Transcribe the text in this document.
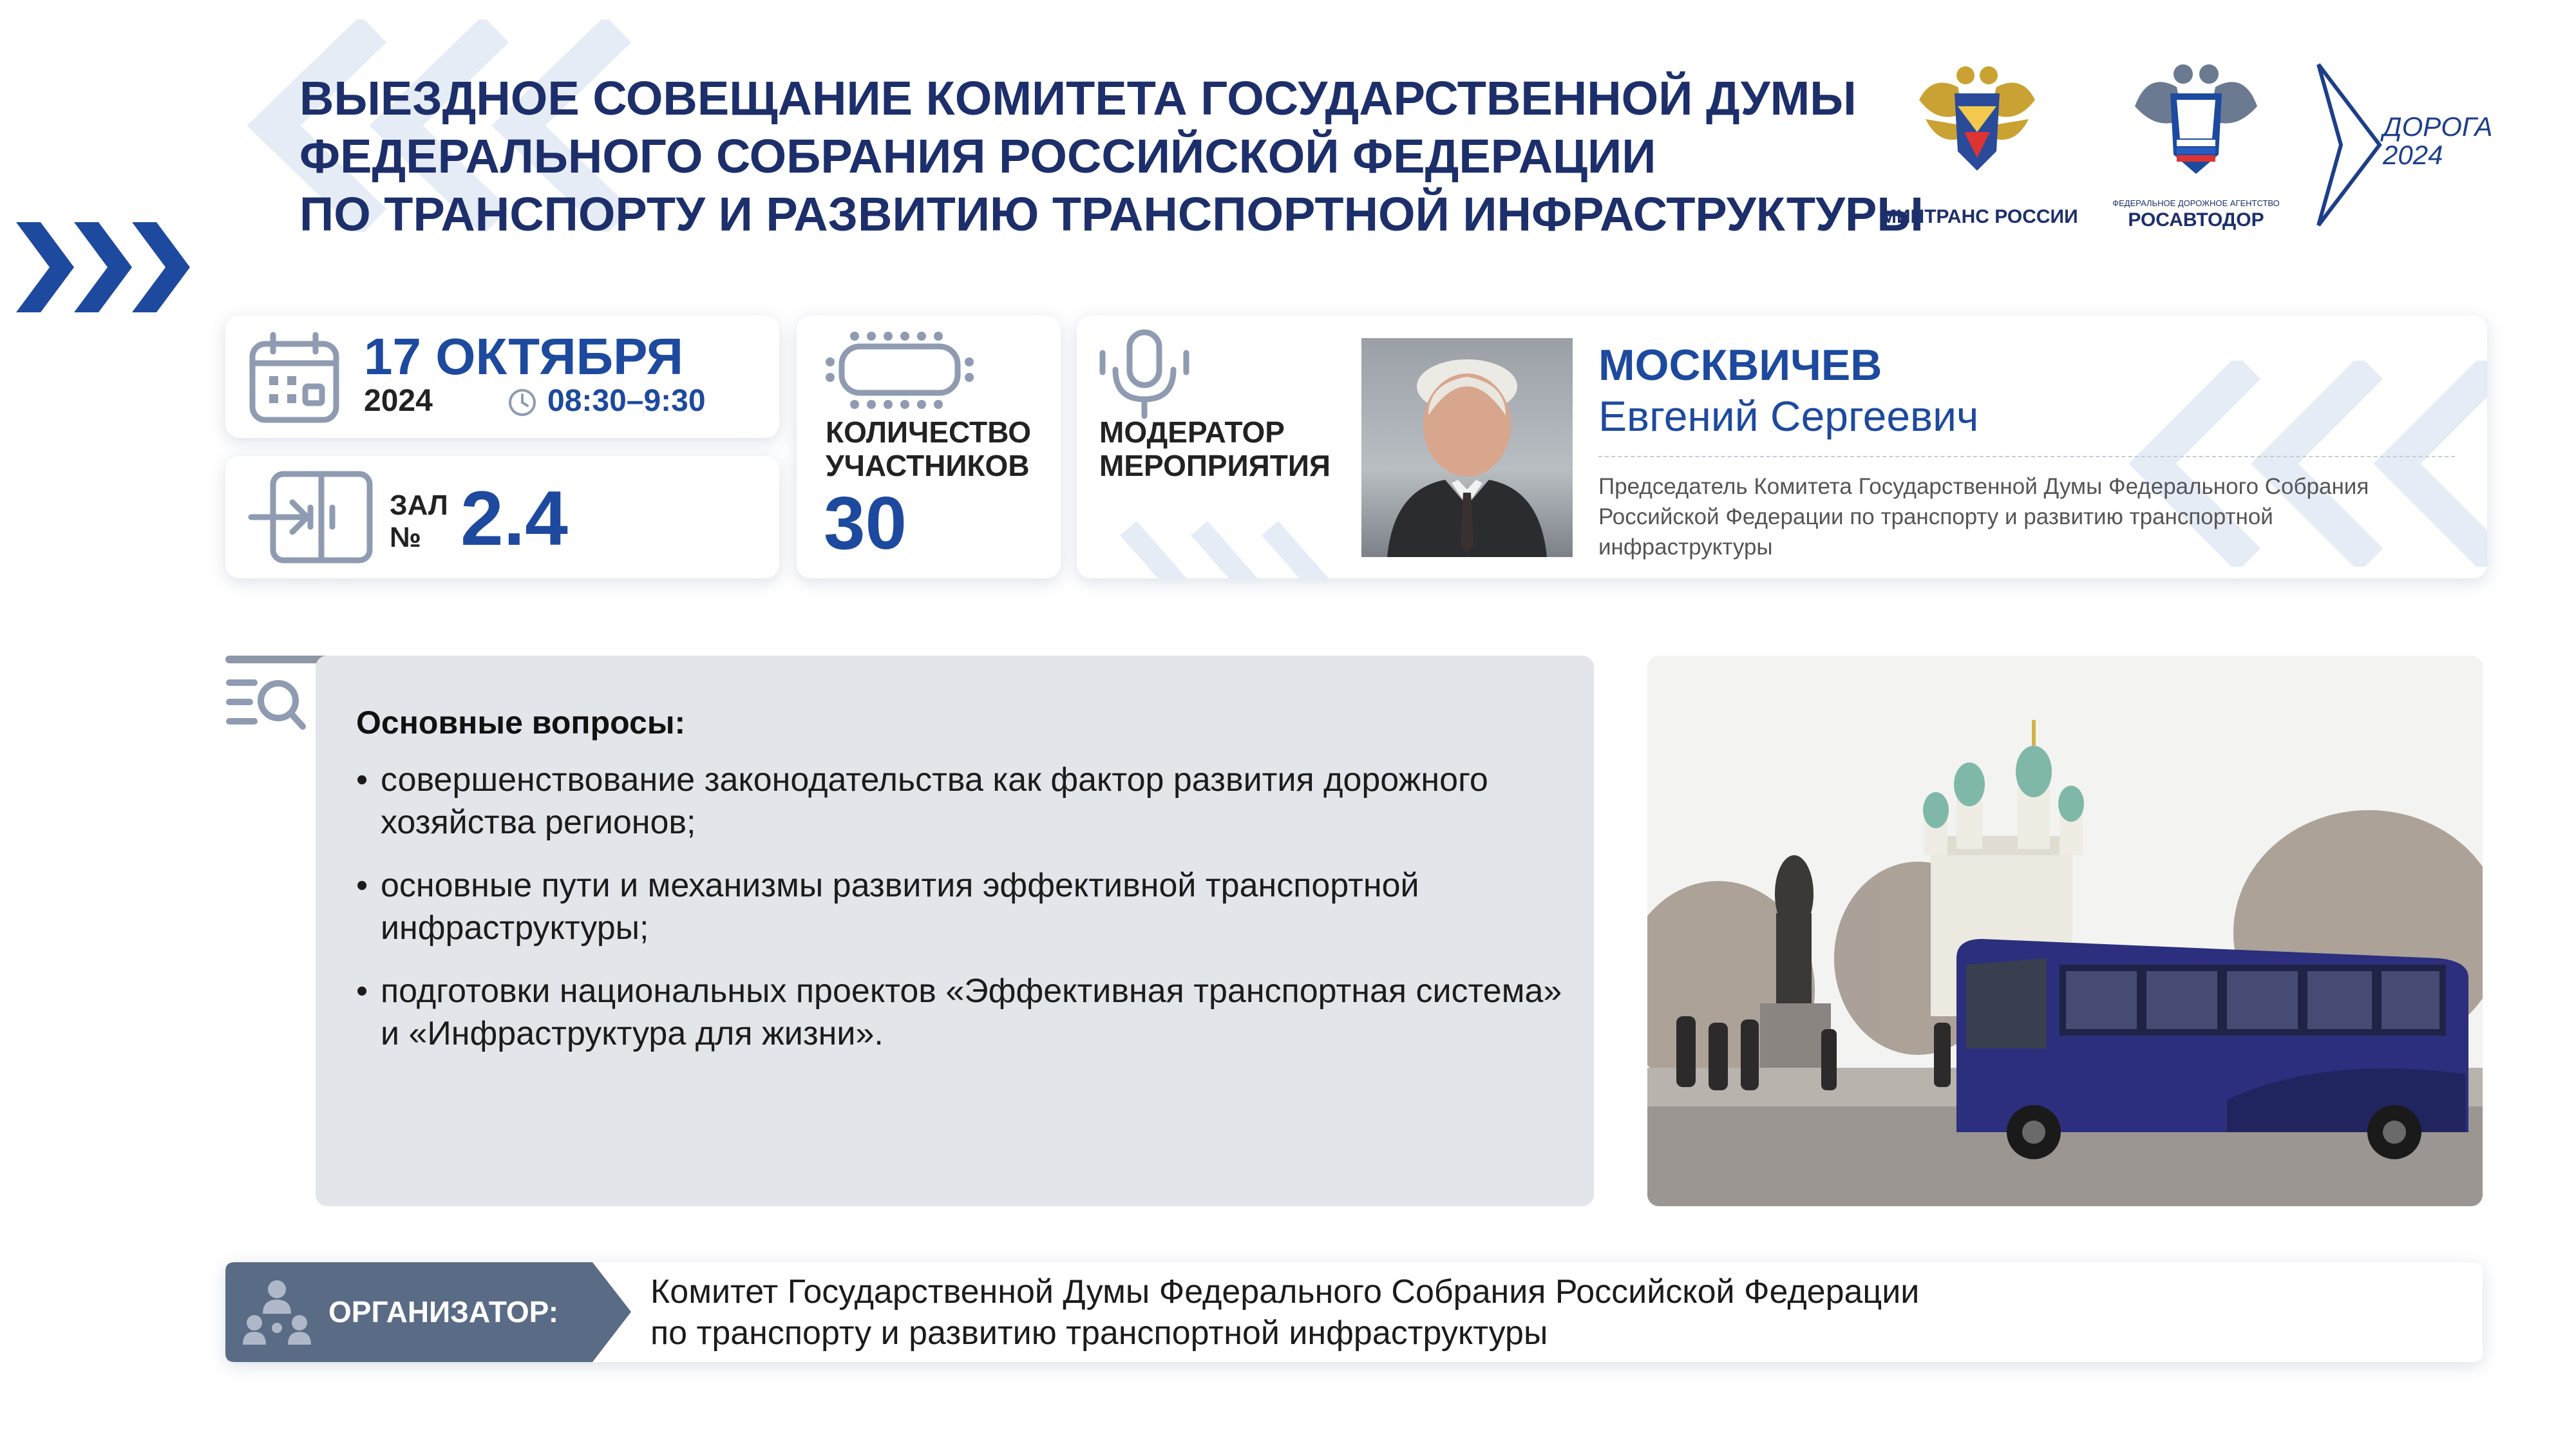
ВЫЕЗДНОЕ СОВЕЩАНИЕ КОМИТЕТА ГОСУДАРСТВЕННОЙ ДУМЫ
ФЕДЕРАЛЬНОГО СОБРАНИЯ РОССИЙСКОЙ ФЕДЕРАЦИИ
ПО ТРАНСПОРТУ И РАЗВИТИЮ ТРАНСПОРТНОЙ ИНФРАСТРУКТУРЫ
МИНТРАНС РОССИИ
ФЕДЕРАЛЬНОЕ ДОРОЖНОЕ АГЕНТСТВО
РОСАВТОДОР
ДОРОГА
2024
17 ОКТЯБРЯ
2024	08:30–9:30
ЗАЛ
№ 2.4
КОЛИЧЕСТВО
УЧАСТНИКОВ
30
МОДЕРАТОР
МЕРОПРИЯТИЯ
МОСКВИЧЕВ
Евгений Сергеевич
Председатель Комитета Государственной Думы Федерального Собрания Российской Федерации по транспорту и развитию транспортной инфраструктуры
Основные вопросы:
• совершенствование законодательства как фактор развития дорожного хозяйства регионов;
• основные пути и механизмы развития эффективной транспортной инфраструктуры;
• подготовки национальных проектов «Эффективная транспортная система» и «Инфраструктура для жизни».
ОРГАНИЗАТОР:
Комитет Государственной Думы Федерального Собрания Российской Федерации
по транспорту и развитию транспортной инфраструктуры
